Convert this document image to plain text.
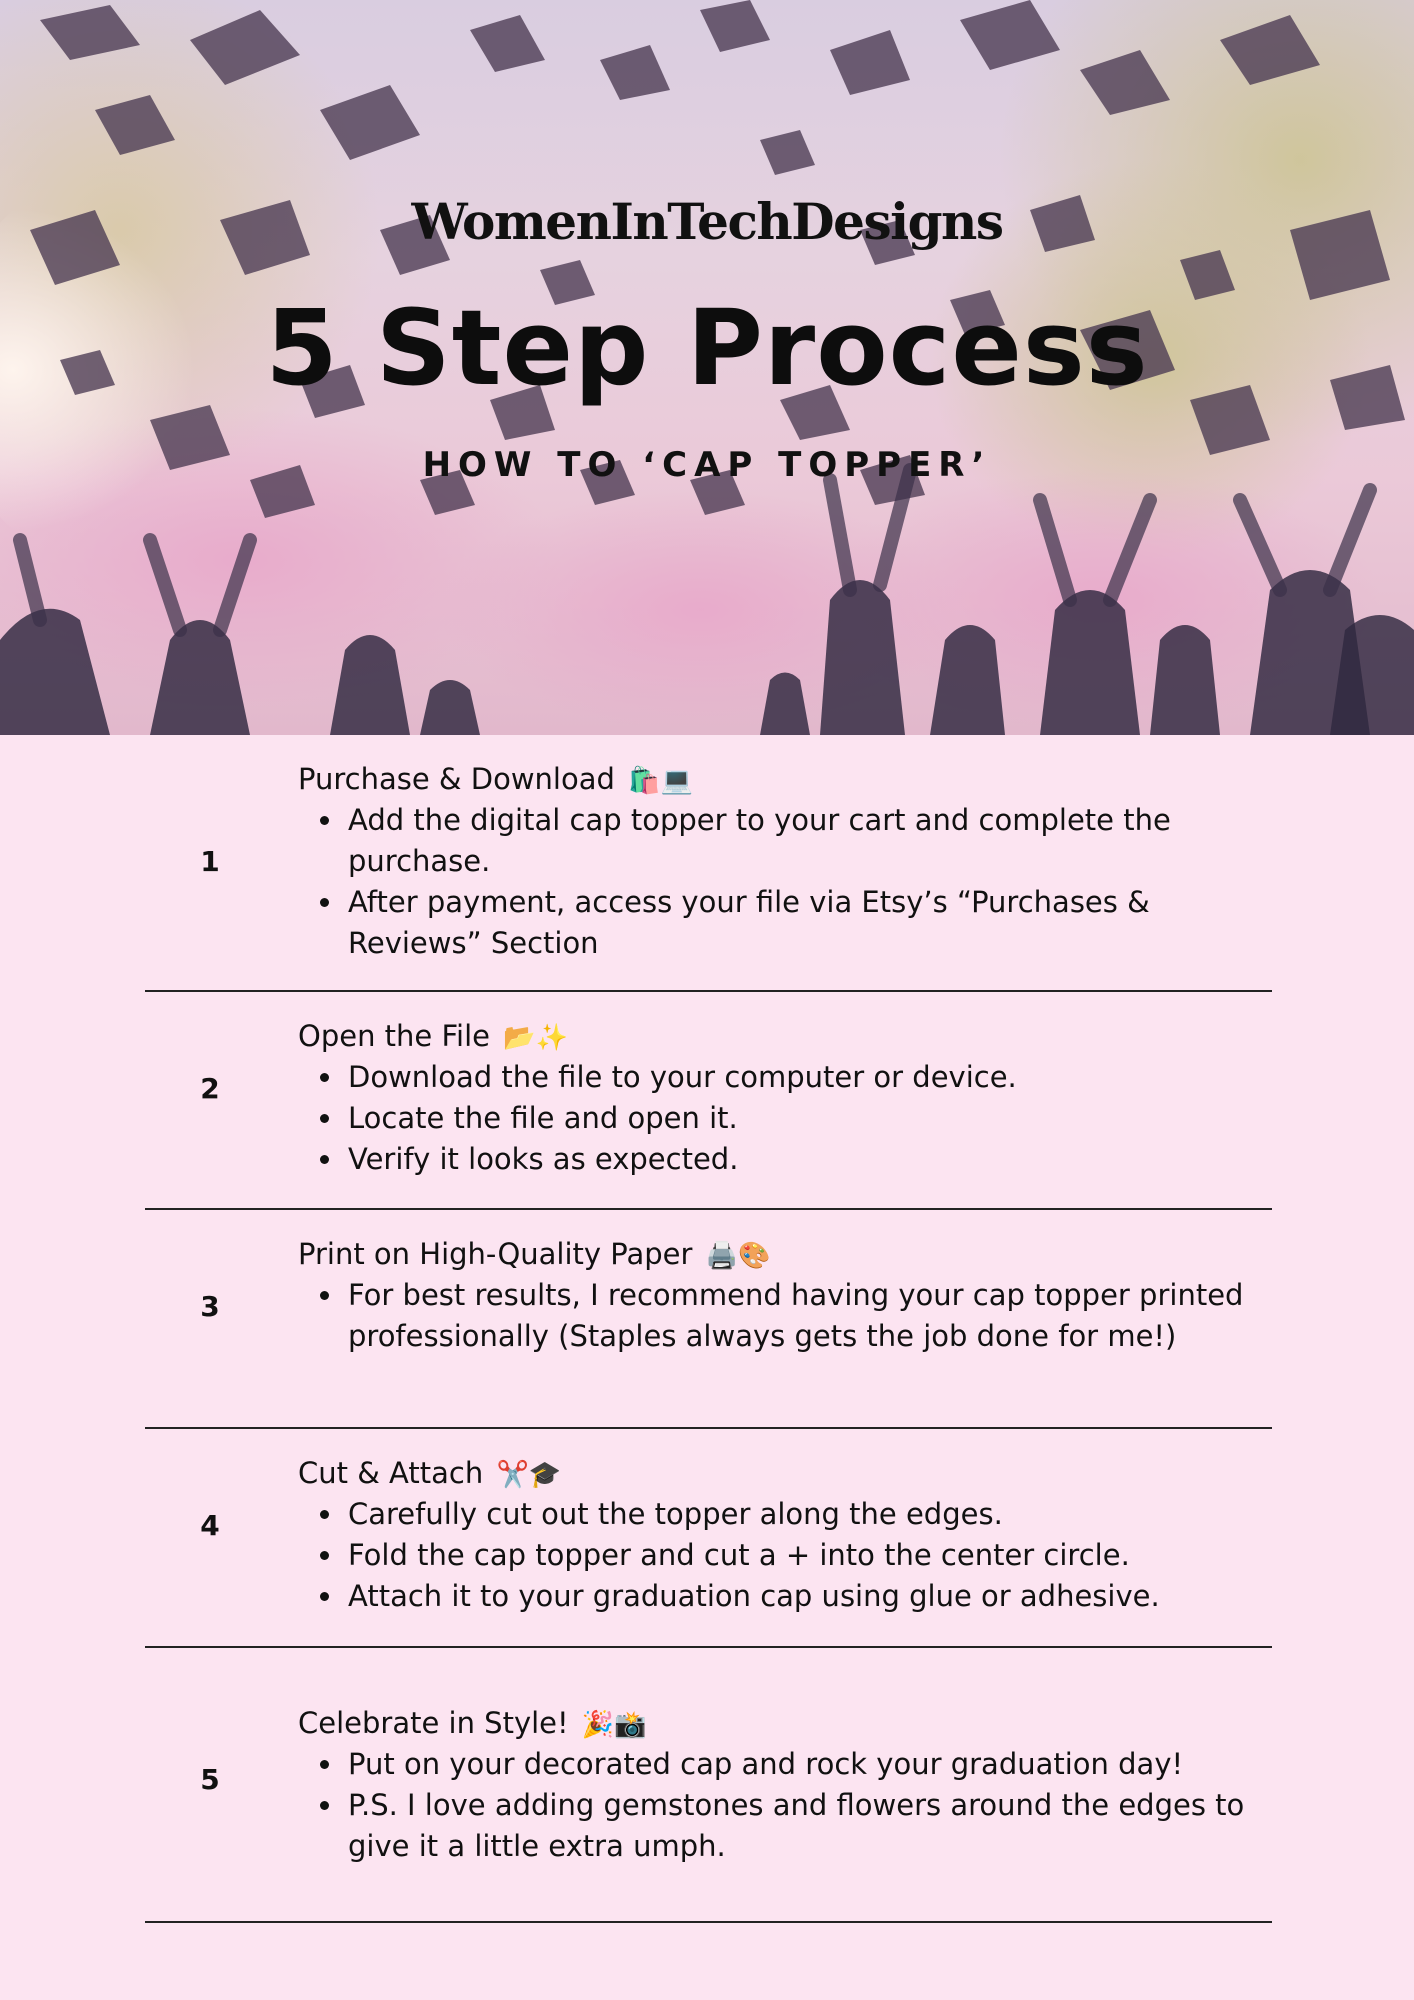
WomenInTechDesigns
5 Step Process
HOW TO ‘CAP TOPPER’
1
Purchase & Download 🛍️💻
Add the digital cap topper to your cart and complete the purchase.
After payment, access your file via Etsy’s “Purchases & Reviews” Section
2
Open the File 📂✨
Download the file to your computer or device.
Locate the file and open it.
Verify it looks as expected.
3
Print on High-Quality Paper 🖨️🎨
For best results, I recommend having your cap topper printed professionally (Staples always gets the job done for me!)
4
Cut & Attach ✂️🎓
Carefully cut out the topper along the edges.
Fold the cap topper and cut a + into the center circle.
Attach it to your graduation cap using glue or adhesive.
5
Celebrate in Style! 🎉📸
Put on your decorated cap and rock your graduation day!
P.S. I love adding gemstones and flowers around the edges to give it a little extra umph.
